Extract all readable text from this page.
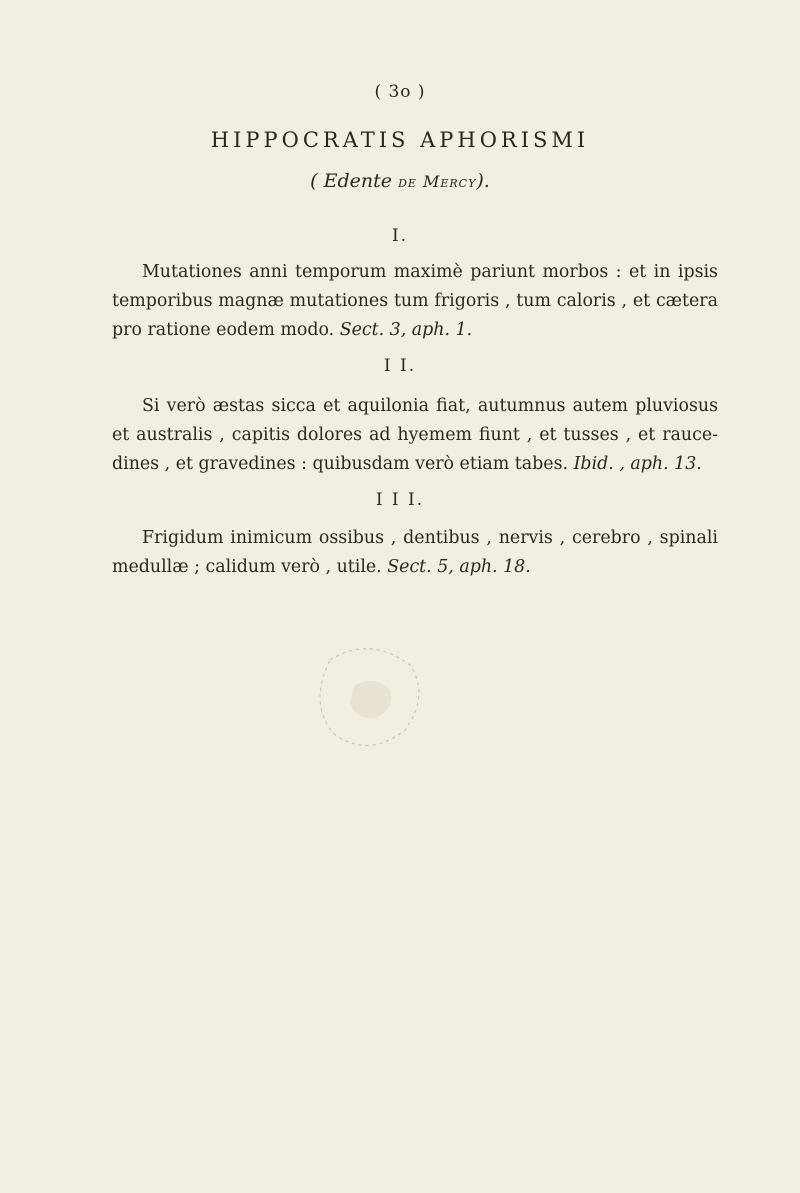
( 3o )
HIPPOCRATIS APHORISMI
( Edente de Mercy).
I.
Mutationes anni temporum maximè pariunt morbos : et in ipsis temporibus magnæ mutationes tum frigoris , tum caloris , et cætera pro ratione eodem modo. Sect. 3, aph. 1.
I I.
Si verò æstas sicca et aquilonia fiat, autumnus autem pluviosus et australis , capitis dolores ad hyemem fiunt , et tusses , et rauce-dines , et gravedines : quibusdam verò etiam tabes. Ibid. , aph. 13.
I I I.
Frigidum inimicum ossibus , dentibus , nervis , cerebro , spinali medullæ ; calidum verò , utile. Sect. 5, aph. 18.
